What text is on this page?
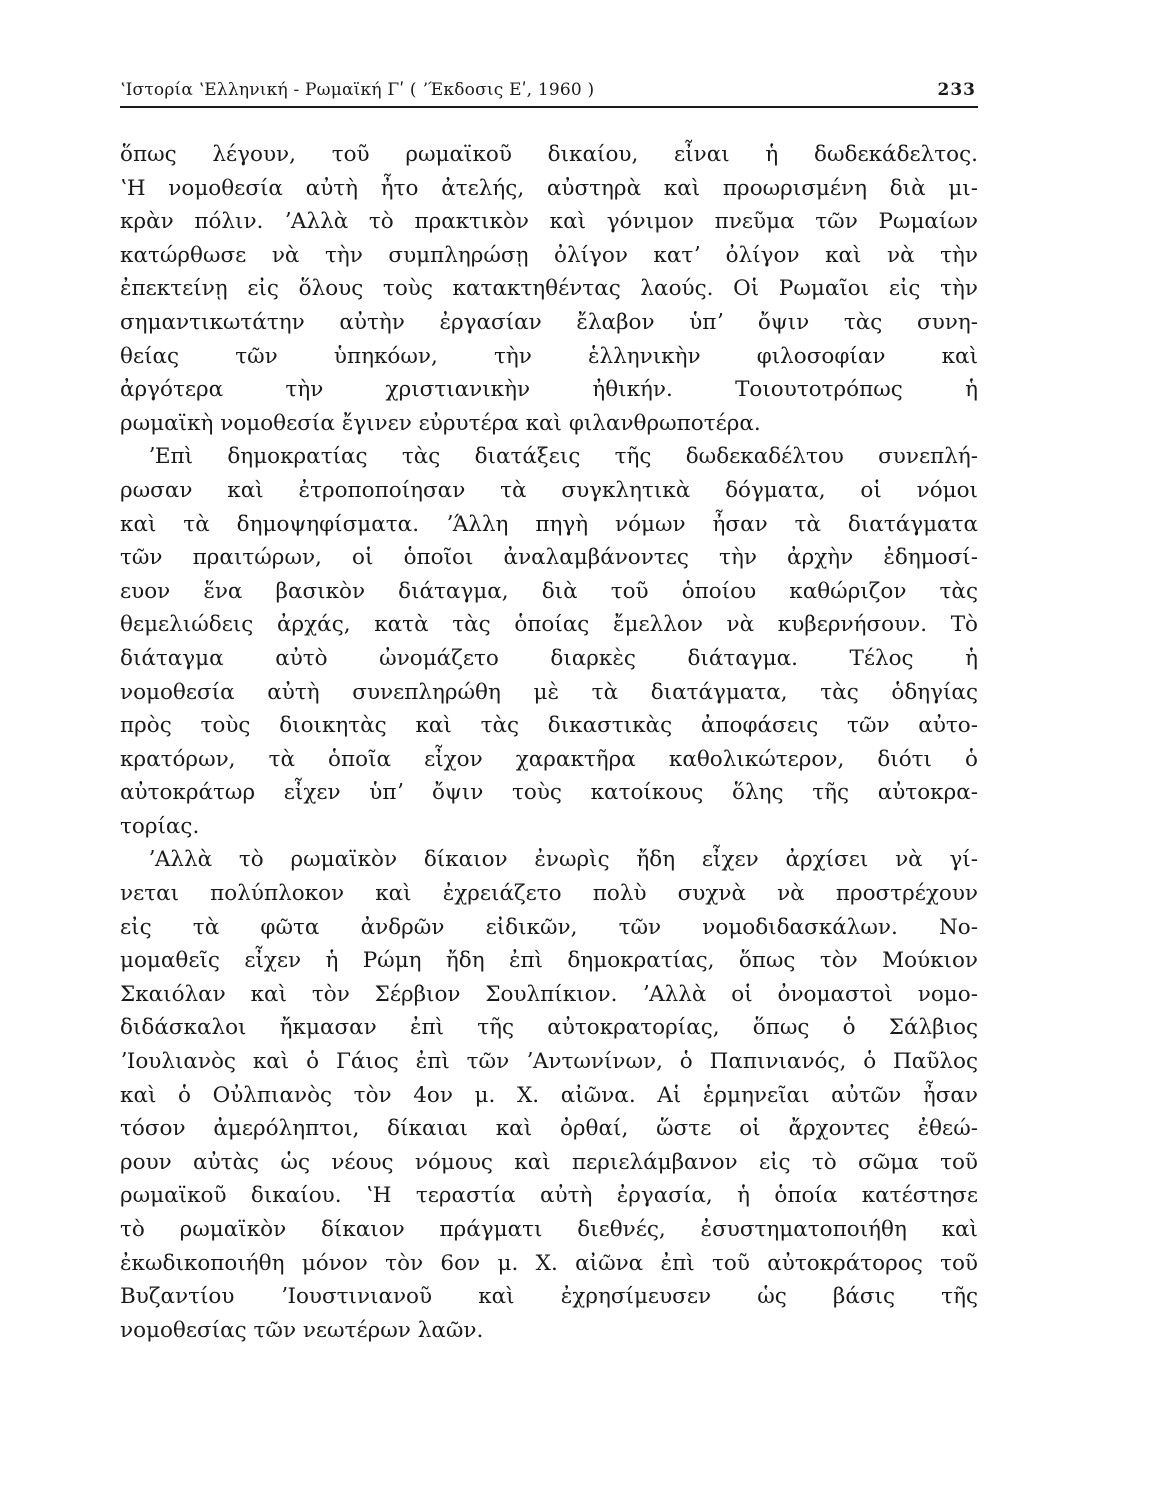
ʽΙστορία ʽΕλληνική - Ρωμαϊκή Γʹ ( ʼΈκδοσις Εʹ, 1960 )	233
ὅπως λέγουν, τοῦ ρωμαϊκοῦ δικαίου, εἶναι ἡ δωδεκάδελτος.
ʽΗ νομοθεσία αὐτὴ ἦτο ἀτελής, αὐστηρὰ καὶ προωρισμένη διὰ μι-
κρὰν πόλιν. ʼΑλλὰ τὸ πρακτικὸν καὶ γόνιμον πνεῦμα τῶν Ρωμαίων
κατώρθωσε νὰ τὴν συμπληρώσῃ ὀλίγον κατʼ ὀλίγον καὶ νὰ τὴν
ἐπεκτείνῃ εἰς ὅλους τοὺς κατακτηθέντας λαούς. Οἱ Ρωμαῖοι εἰς τὴν
σημαντικωτάτην αὐτὴν ἐργασίαν ἔλαβον ὑπʼ ὄψιν τὰς συνη-
θείας τῶν ὑπηκόων, τὴν ἑλληνικὴν φιλοσοφίαν καὶ
ἀργότερα τὴν χριστιανικὴν ἠθικήν. Τοιουτοτρόπως ἡ
ρωμαϊκὴ νομοθεσία ἔγινεν εὐρυτέρα καὶ φιλανθρωποτέρα.
ʼΕπὶ δημοκρατίας τὰς διατάξεις τῆς δωδεκαδέλτου συνεπλή-
ρωσαν καὶ ἐτροποποίησαν τὰ συγκλητικὰ δόγματα, οἱ νόμοι
καὶ τὰ δημοψηφίσματα. ʼΆλλη πηγὴ νόμων ἦσαν τὰ διατάγματα
τῶν πραιτώρων, οἱ ὁποῖοι ἀναλαμβάνοντες τὴν ἀρχὴν ἐδημοσί-
ευον ἕνα βασικὸν διάταγμα, διὰ τοῦ ὁποίου καθώριζον τὰς
θεμελιώδεις ἀρχάς, κατὰ τὰς ὁποίας ἔμελλον νὰ κυβερνήσουν. Τὸ
διάταγμα αὐτὸ ὠνομάζετο διαρκὲς διάταγμα. Τέλος ἡ
νομοθεσία αὐτὴ συνεπληρώθη μὲ τὰ διατάγματα, τὰς ὁδηγίας
πρὸς τοὺς διοικητὰς καὶ τὰς δικαστικὰς ἀποφάσεις τῶν αὐτο-
κρατόρων, τὰ ὁποῖα εἶχον χαρακτῆρα καθολικώτερον, διότι ὁ
αὐτοκράτωρ εἶχεν ὑπʼ ὄψιν τοὺς κατοίκους ὅλης τῆς αὐτοκρα-
τορίας.
ʼΑλλὰ τὸ ρωμαϊκὸν δίκαιον ἐνωρὶς ἤδη εἶχεν ἀρχίσει νὰ γί-
νεται πολύπλοκον καὶ ἐχρειάζετο πολὺ συχνὰ νὰ προστρέχουν
εἰς τὰ φῶτα ἀνδρῶν εἰδικῶν, τῶν νομοδιδασκάλων. Νο-
μομαθεῖς εἶχεν ἡ Ρώμη ἤδη ἐπὶ δημοκρατίας, ὅπως τὸν Μούκιον
Σκαιόλαν καὶ τὸν Σέρβιον Σουλπίκιον. ʼΑλλὰ οἱ ὀνομαστοὶ νομο-
διδάσκαλοι ἤκμασαν ἐπὶ τῆς αὐτοκρατορίας, ὅπως ὁ Σάλβιος
ʼΙουλιανὸς καὶ ὁ Γάιος ἐπὶ τῶν ʼΑντωνίνων, ὁ Παπινιανός, ὁ Παῦλος
καὶ ὁ Οὐλπιανὸς τὸν 4ον μ. Χ. αἰῶνα. Αἱ ἑρμηνεῖαι αὐτῶν ἦσαν
τόσον ἀμερόληπτοι, δίκαιαι καὶ ὀρθαί, ὥστε οἱ ἄρχοντες ἐθεώ-
ρουν αὐτὰς ὡς νέους νόμους καὶ περιελάμβανον εἰς τὸ σῶμα τοῦ
ρωμαϊκοῦ δικαίου. ʽΗ τεραστία αὐτὴ ἐργασία, ἡ ὁποία κατέστησε
τὸ ρωμαϊκὸν δίκαιον πράγματι διεθνές, ἐσυστηματοποιήθη καὶ
ἐκωδικοποιήθη μόνον τὸν 6ον μ. Χ. αἰῶνα ἐπὶ τοῦ αὐτοκράτορος τοῦ
Βυζαντίου ʼΙουστινιανοῦ καὶ ἐχρησίμευσεν ὡς βάσις τῆς
νομοθεσίας τῶν νεωτέρων λαῶν.
